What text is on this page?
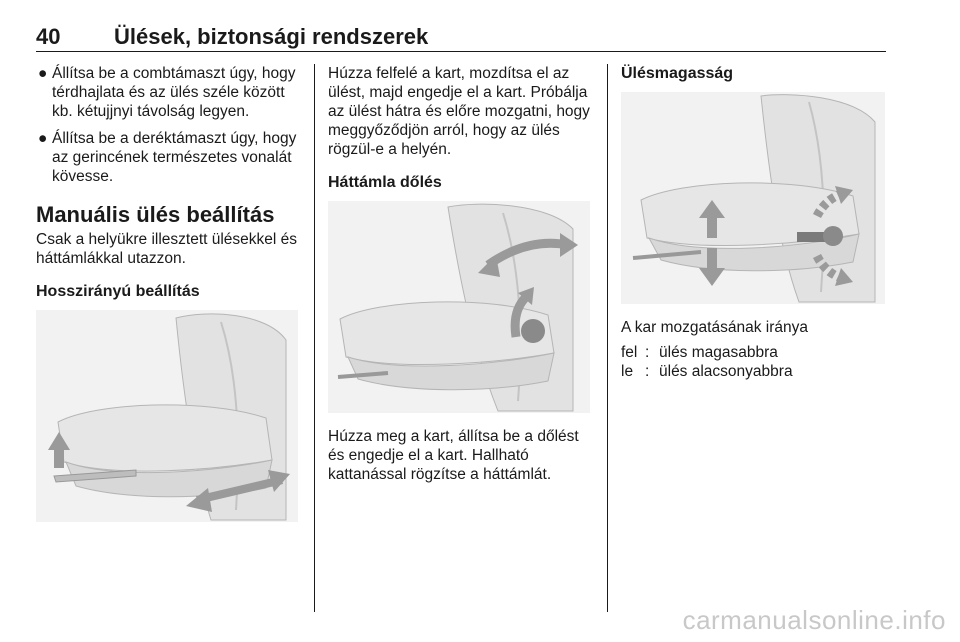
40 Ülések, biztonsági rendszerek
● Állítsa be a combtámaszt úgy, hogy térdhajlata és az ülés széle között kb. kétujjnyi távolság legyen.
● Állítsa be a deréktámaszt úgy, hogy az gerincének természetes vonalát kövesse.
Manuális ülés beállítás

Csak a helyükre illesztett ülésekkel és háttámlákkal utazzon.

Hosszirányú beállítás

Húzza felfelé a kart, mozdítsa el az ülést, majd engedje el a kart. Próbálja az ülést hátra és előre mozgatni, hogy meggyőződjön arról, hogy az ülés rögzül-e a helyén.

Háttámla dőlés

Húzza meg a kart, állítsa be a dőlést és engedje el a kart. Hallható kattanással rögzítse a háttámlát.

Ülésmagasság

A kar mozgatásának iránya

fel	:	ülés magasabbra
le	:	ülés alacsonyabbra
carmanualsonline.info
